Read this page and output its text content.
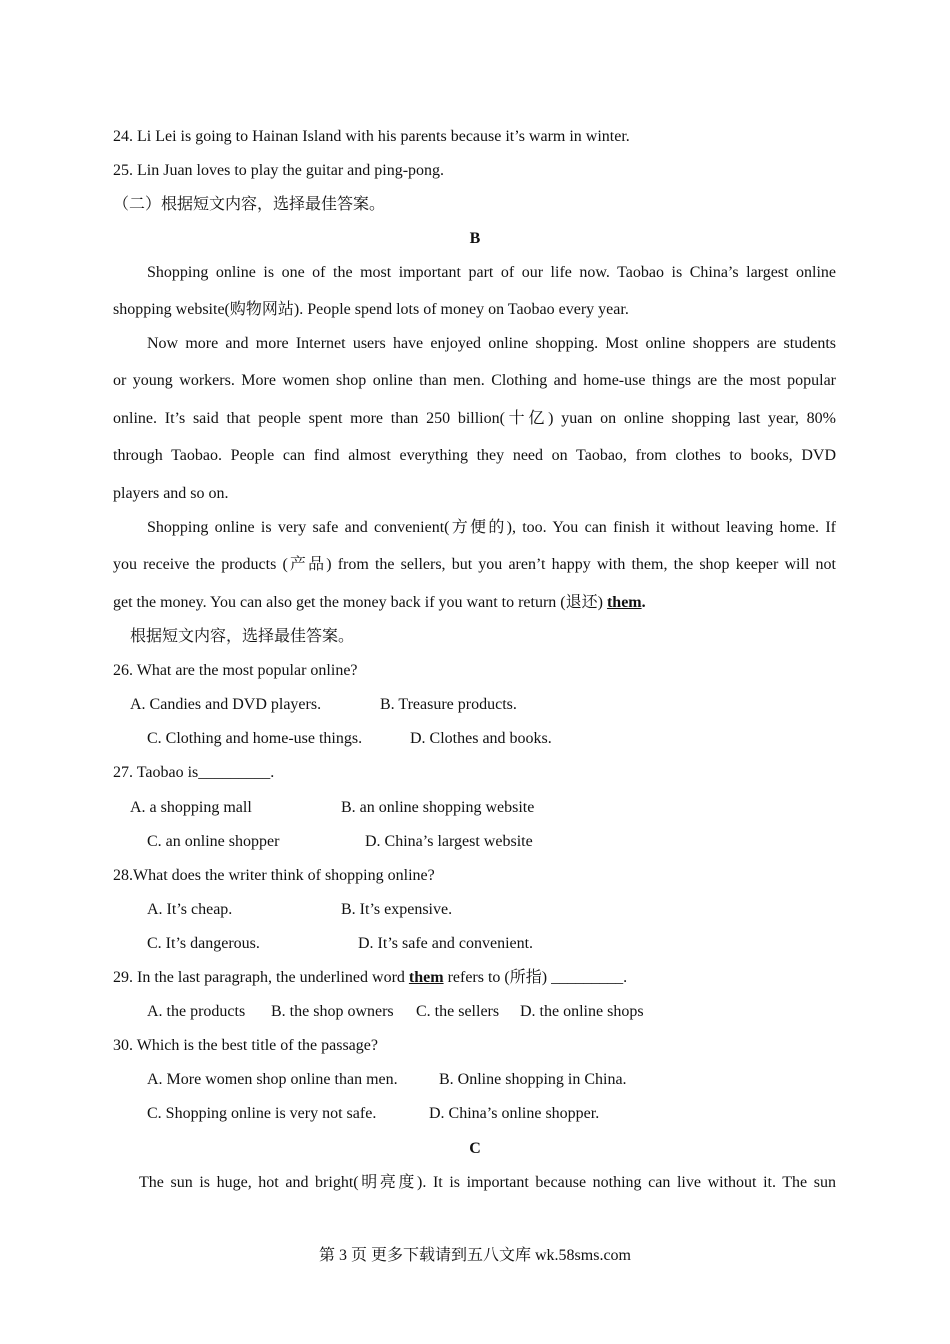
24. Li Lei is going to Hainan Island with his parents because it’s warm in winter.
25. Lin Juan loves to play the guitar and ping-pong.
（二）根据短文内容，选择最佳答案。
B
Shopping online is one of the most important part of our life now. Taobao is China’s largest online
shopping website(购物网站). People spend lots of money on Taobao every year.
Now more and more Internet users have enjoyed online shopping. Most online shoppers are students
or young workers. More women shop online than men. Clothing and home-use things are the most popular
online. It’s said that people spent more than 250 billion(十亿) yuan on online shopping last year, 80%
through Taobao. People can find almost everything they need on Taobao, from clothes to books, DVD
players and so on.
Shopping online is very safe and convenient(方便的), too. You can finish it without leaving home. If
you receive the products (产品) from the sellers, but you aren’t happy with them, the shop keeper will not
get the money. You can also get the money back if you want to return (退还) them.
根据短文内容，选择最佳答案。
26. What are the most popular online?
A. Candies and DVD players.	B. Treasure products.
C. Clothing and home-use things.	D. Clothes and books.
27. Taobao is_________.
A. a shopping mall	B. an online shopping website
C. an online shopper	D. China’s largest website
28.What does the writer think of shopping online?
A. It’s cheap.	B. It’s expensive.
C. It’s dangerous.	D. It’s safe and convenient.
29. In the last paragraph, the underlined word them refers to (所指) _________.
A. the products B. the shop owners C. the sellers D. the online shops
30. Which is the best title of the passage?
A. More women shop online than men.	B. Online shopping in China.
C. Shopping online is very not safe.	D. China’s online shopper.
C
The sun is huge, hot and bright(明亮度). It is important because nothing can live without it. The sun
第 3 页 更多下载请到五八文库 wk.58sms.com
